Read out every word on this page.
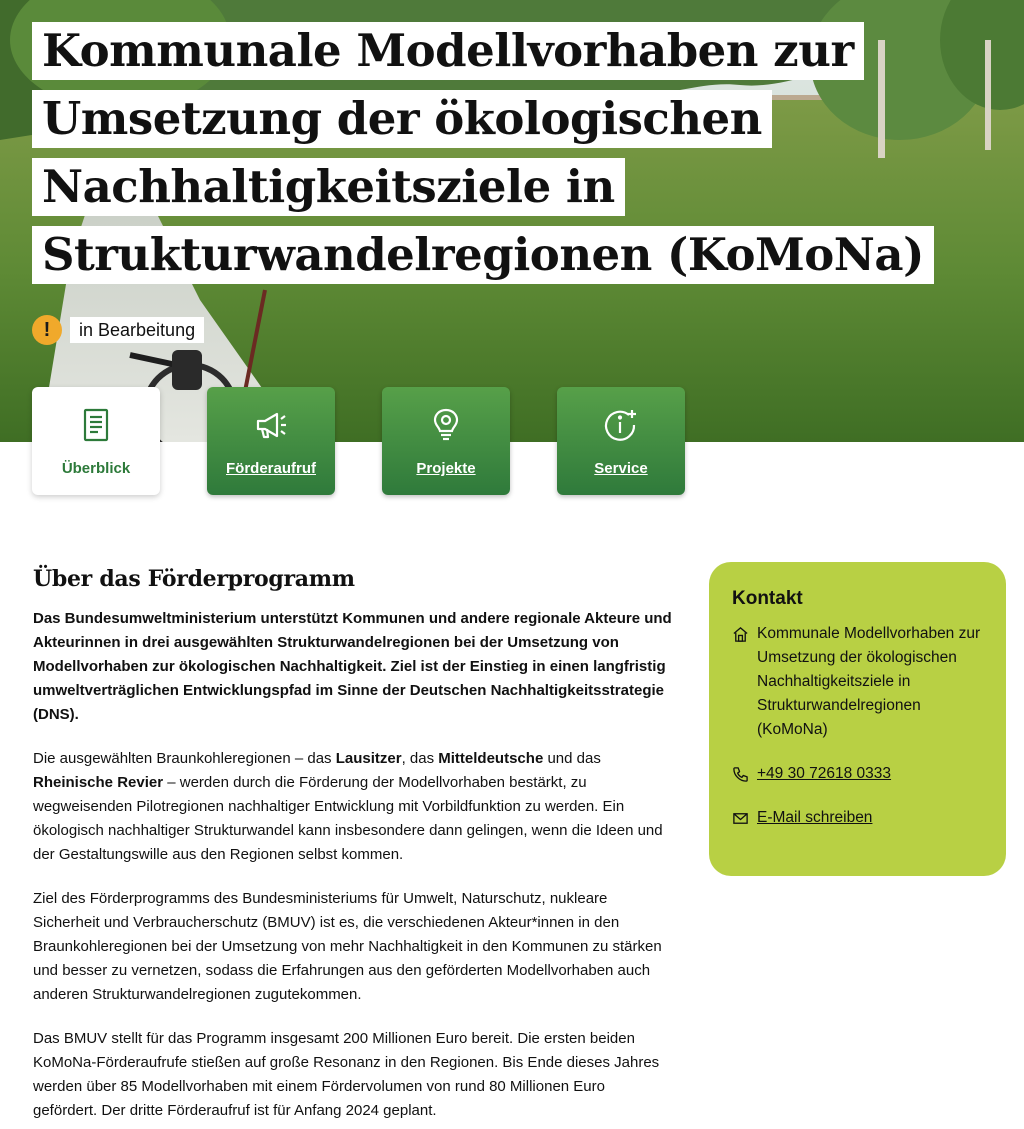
Kommunale Modellvorhaben zur
Umsetzung der ökologischen
Nachhaltigkeitsziele in
Strukturwandelregionen (KoMoNa)
!	in Bearbeitung
Überblick	Förderaufruf	Projekte	Service
Über das Förderprogramm

Das Bundesumweltministerium unterstützt Kommunen und andere regionale Akteure und Akteurinnen in drei ausgewählten Strukturwandelregionen bei der Umsetzung von Modellvorhaben zur ökologischen Nachhaltigkeit. Ziel ist der Einstieg in einen langfristig umweltverträglichen Entwicklungspfad im Sinne der Deutschen Nachhaltigkeitsstrategie (DNS).

Die ausgewählten Braunkohleregionen – das Lausitzer, das Mitteldeutsche und das Rheinische Revier – werden durch die Förderung der Modellvorhaben bestärkt, zu wegweisenden Pilotregionen nachhaltiger Entwicklung mit Vorbildfunktion zu werden. Ein ökologisch nachhaltiger Strukturwandel kann insbesondere dann gelingen, wenn die Ideen und der Gestaltungswille aus den Regionen selbst kommen.

Ziel des Förderprogramms des Bundesministeriums für Umwelt, Naturschutz, nukleare Sicherheit und Verbraucherschutz (BMUV) ist es, die verschiedenen Akteur*innen in den Braunkohleregionen bei der Umsetzung von mehr Nachhaltigkeit in den Kommunen zu stärken und besser zu vernetzen, sodass die Erfahrungen aus den geförderten Modellvorhaben auch anderen Strukturwandelregionen zugutekommen.

Das BMUV stellt für das Programm insgesamt 200 Millionen Euro bereit. Die ersten beiden KoMoNa-Förderaufrufe stießen auf große Resonanz in den Regionen. Bis Ende dieses Jahres werden über 85 Modellvorhaben mit einem Fördervolumen von rund 80 Millionen Euro gefördert. Der dritte Förderaufruf ist für Anfang 2024 geplant.

Kontakt
Kommunale Modellvorhaben zur Umsetzung der ökologischen Nachhaltigkeitsziele in Strukturwandelregionen (KoMoNa)
+49 30 72618 0333
E-Mail schreiben
